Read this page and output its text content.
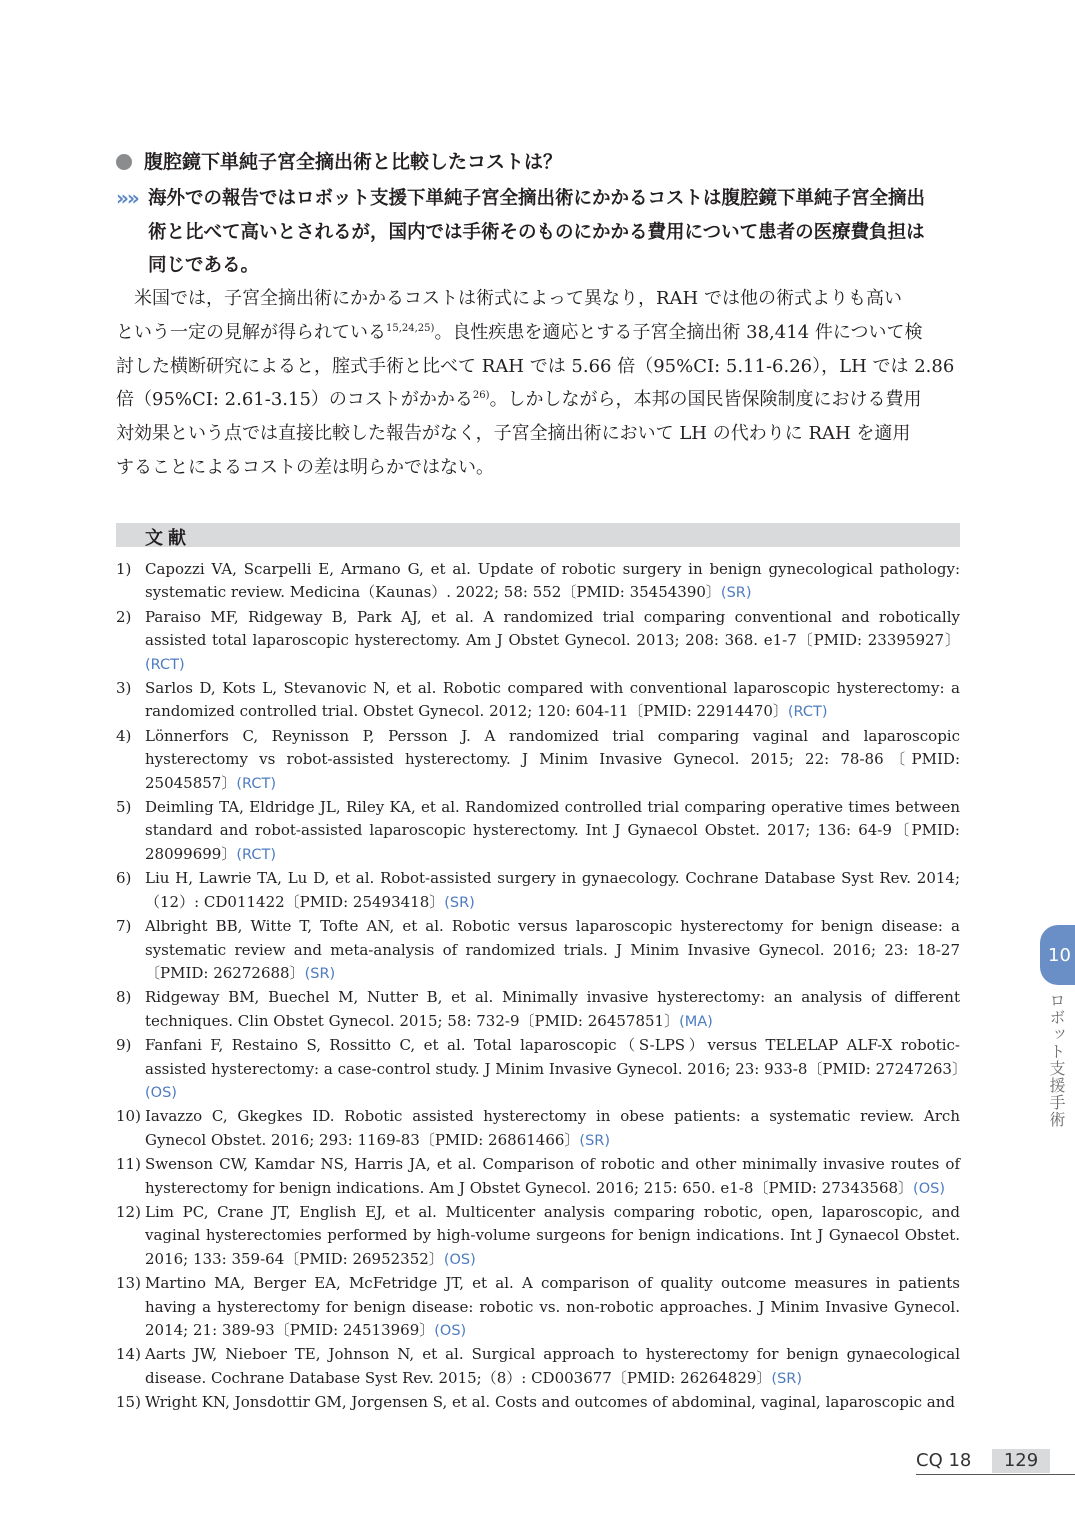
腹腔鏡下単純子宮全摘出術と比較したコストは？
»» 海外での報告ではロボット支援下単純子宮全摘出術にかかるコストは腹腔鏡下単純子宮全摘出
術と比べて高いとされるが，国内では手術そのものにかかる費用について患者の医療費負担は
同じである。
米国では，子宮全摘出術にかかるコストは術式によって異なり，RAH では他の術式よりも高い
という一定の見解が得られている$^{15,24,25)}$。良性疾患を適応とする子宮全摘出術 38,414 件について検
討した横断研究によると，腟式手術と比べて RAH では 5.66 倍（95%CI: 5.11-6.26），LH では 2.86
倍（95%CI: 2.61-3.15）のコストがかかる$^{26)}$。しかしながら，本邦の国民皆保険制度における費用
対効果という点では直接比較した報告がなく，子宮全摘出術において LH の代わりに RAH を適用
することによるコストの差は明らかではない。
文献
1) Capozzi VA, Scarpelli E, Armano G, et al. Update of robotic surgery in benign gynecological pathology: systematic review. Medicina（Kaunas）. 2022; 58: 552〔PMID: 35454390〕(SR)
2) Paraiso MF, Ridgeway B, Park AJ, et al. A randomized trial comparing conventional and robotically assisted total laparoscopic hysterectomy. Am J Obstet Gynecol. 2013; 208: 368. e1-7〔PMID: 23395927〕(RCT)
3) Sarlos D, Kots L, Stevanovic N, et al. Robotic compared with conventional laparoscopic hysterectomy: a randomized controlled trial. Obstet Gynecol. 2012; 120: 604-11〔PMID: 22914470〕(RCT)
4) Lönnerfors C, Reynisson P, Persson J. A randomized trial comparing vaginal and laparoscopic hysterectomy vs robot-assisted hysterectomy. J Minim Invasive Gynecol. 2015; 22: 78-86〔PMID: 25045857〕(RCT)
5) Deimling TA, Eldridge JL, Riley KA, et al. Randomized controlled trial comparing operative times between standard and robot-assisted laparoscopic hysterectomy. Int J Gynaecol Obstet. 2017; 136: 64-9〔PMID: 28099699〕(RCT)
6) Liu H, Lawrie TA, Lu D, et al. Robot-assisted surgery in gynaecology. Cochrane Database Syst Rev. 2014;（12）: CD011422〔PMID: 25493418〕(SR)
7) Albright BB, Witte T, Tofte AN, et al. Robotic versus laparoscopic hysterectomy for benign disease: a systematic review and meta-analysis of randomized trials. J Minim Invasive Gynecol. 2016; 23: 18-27〔PMID: 26272688〕(SR)
8) Ridgeway BM, Buechel M, Nutter B, et al. Minimally invasive hysterectomy: an analysis of different techniques. Clin Obstet Gynecol. 2015; 58: 732-9〔PMID: 26457851〕(MA)
9) Fanfani F, Restaino S, Rossitto C, et al. Total laparoscopic（S-LPS）versus TELELAP ALF-X robotic-assisted hysterectomy: a case-control study. J Minim Invasive Gynecol. 2016; 23: 933-8〔PMID: 27247263〕(OS)
10) Iavazzo C, Gkegkes ID. Robotic assisted hysterectomy in obese patients: a systematic review. Arch Gynecol Obstet. 2016; 293: 1169-83〔PMID: 26861466〕(SR)
11) Swenson CW, Kamdar NS, Harris JA, et al. Comparison of robotic and other minimally invasive routes of hysterectomy for benign indications. Am J Obstet Gynecol. 2016; 215: 650. e1-8〔PMID: 27343568〕(OS)
12) Lim PC, Crane JT, English EJ, et al. Multicenter analysis comparing robotic, open, laparoscopic, and vaginal hysterectomies performed by high-volume surgeons for benign indications. Int J Gynaecol Obstet. 2016; 133: 359-64〔PMID: 26952352〕(OS)
13) Martino MA, Berger EA, McFetridge JT, et al. A comparison of quality outcome measures in patients having a hysterectomy for benign disease: robotic vs. non-robotic approaches. J Minim Invasive Gynecol. 2014; 21: 389-93〔PMID: 24513969〕(OS)
14) Aarts JW, Nieboer TE, Johnson N, et al. Surgical approach to hysterectomy for benign gynaecological disease. Cochrane Database Syst Rev. 2015;（8）: CD003677〔PMID: 26264829〕(SR)
15) Wright KN, Jonsdottir GM, Jorgensen S, et al. Costs and outcomes of abdominal, vaginal, laparoscopic and
10
ロボット支援手術
CQ 18	129
